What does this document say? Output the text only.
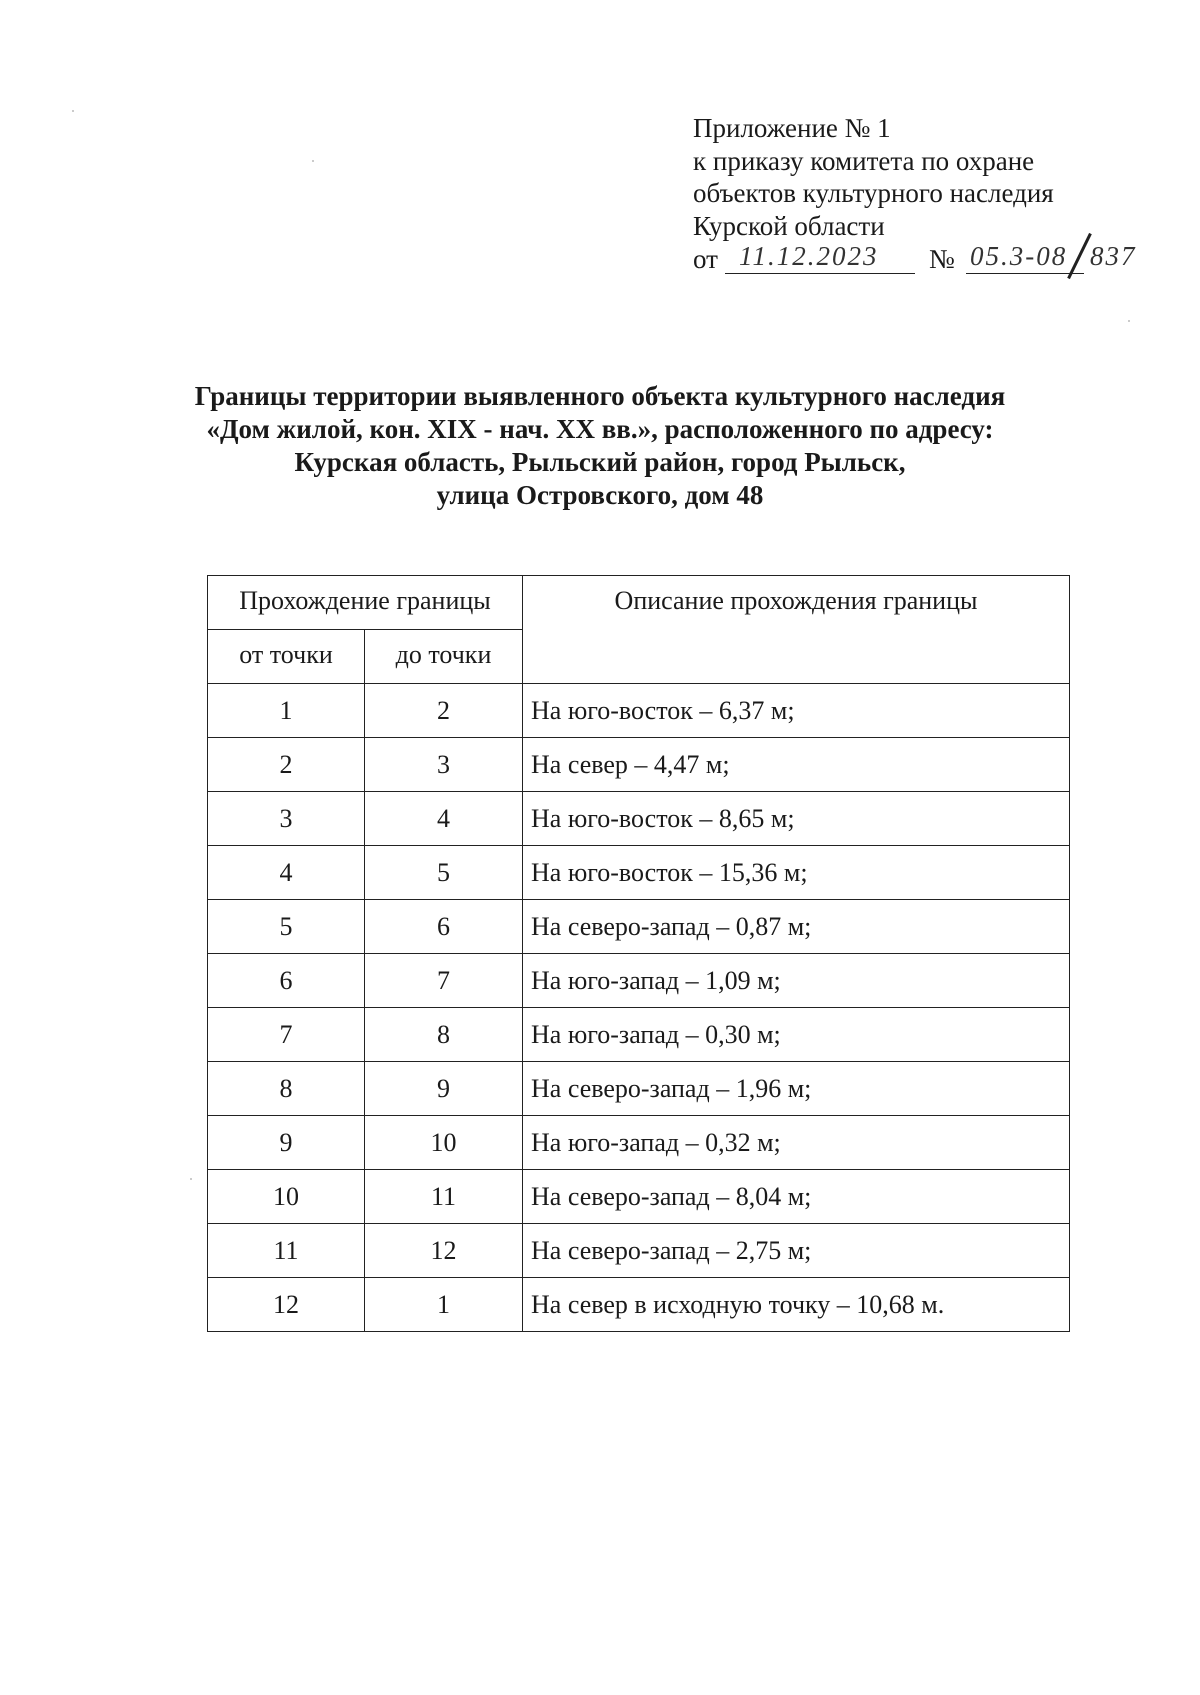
Приложение № 1
к приказу комитета по охране
объектов культурного наследия
Курской области
от 11.12.2023 № 05.3-08 837
Границы территории выявленного объекта культурного наследия
«Дом жилой, кон. XIX - нач. XX вв.», расположенного по адресу:
Курская область, Рыльский район, город Рыльск,
улица Островского, дом 48
Прохождение границы		Описание прохождения границы
от точки	до точки	
1	2	На юго-восток – 6,37 м;
2	3	На север – 4,47 м;
3	4	На юго-восток – 8,65 м;
4	5	На юго-восток – 15,36 м;
5	6	На северо-запад – 0,87 м;
6	7	На юго-запад – 1,09 м;
7	8	На юго-запад – 0,30 м;
8	9	На северо-запад – 1,96 м;
9	10	На юго-запад – 0,32 м;
10	11	На северо-запад – 8,04 м;
11	12	На северо-запад – 2,75 м;
12	1	На север в исходную точку – 10,68 м.
